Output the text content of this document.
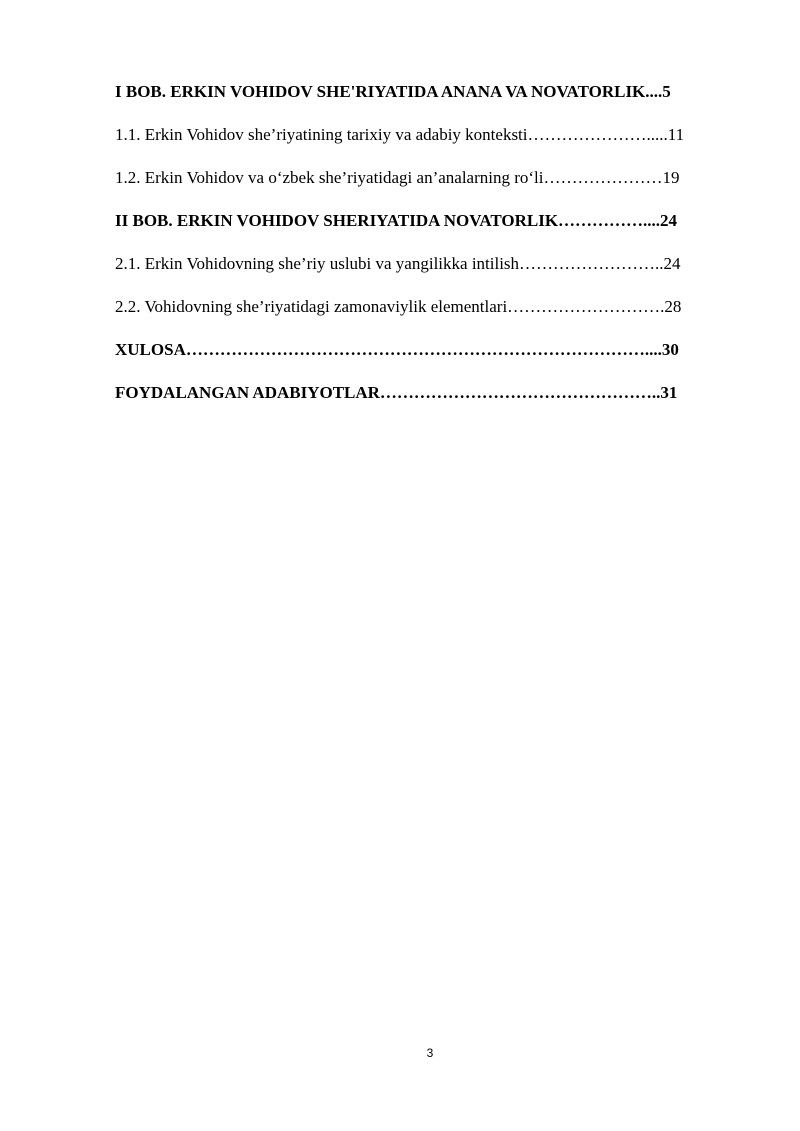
I BOB. ERKIN VOHIDOV SHE'RIYATIDA ANANA VA NOVATORLIK....5

1.1. Erkin Vohidov she’riyatining tarixiy va adabiy konteksti………………….....11

1.2. Erkin Vohidov va o‘zbek she’riyatidagi an’analarning ro‘li…………………19

II BOB. ERKIN VOHIDOV SHERIYATIDA NOVATORLIK……………....24

2.1. Erkin Vohidovning she’riy uslubi va yangilikka intilish……………………..24

2.2. Vohidovning she’riyatidagi zamonaviylik elementlari……………………….28

XULOSA………………………………………………………………………....30

FOYDALANGAN ADABIYOTLAR…………………………………………..31

3
